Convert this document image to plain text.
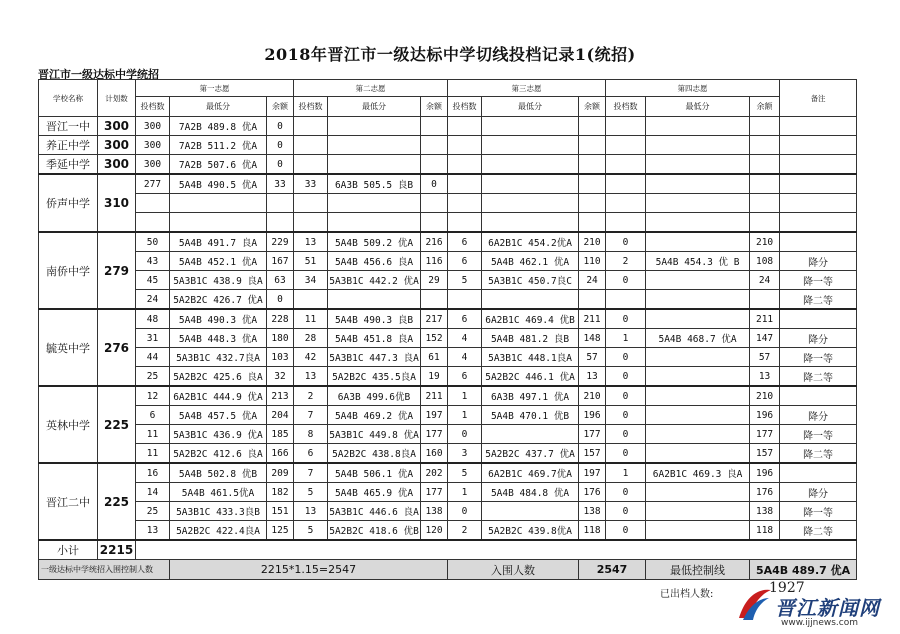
2018年晋江市一级达标中学切线投档记录1(统招)
晋江市一级达标中学统招
学校名称	计划数	第一志愿			第二志愿			第三志愿			第四志愿			备注
		投档数	最低分	余额	投档数	最低分	余额	投档数	最低分	余额	投档数	最低分	余额	
晋江一中	300	300	7A2B 489.8 优A	0										
养正中学	300	300	7A2B 511.2 优A	0										
季延中学	300	300	7A2B 507.6 优A	0										
侨声中学	310	277	5A4B 490.5 优A	33	33	6A3B 505.5 良B	0							

南侨中学	279	50	5A4B 491.7 良A	229	13	5A4B 509.2 优A	216	6	6A2B1C 454.2优A	210	0		210	
		43	5A4B 452.1 优A	167	51	5A4B 456.6 良A	116	6	5A4B 462.1 优A	110	2	5A4B 454.3 优 B	108	降分
		45	5A3B1C 438.9 良A	63	34	5A3B1C 442.2 优A	29	5	5A3B1C 450.7良C	24	0		24	降一等
		24	5A2B2C 426.7 优A	0										降二等
毓英中学	276	48	5A4B 490.3 优A	228	11	5A4B 490.3 良B	217	6	6A2B1C 469.4 优B	211	0		211	
		31	5A4B 448.3 优A	180	28	5A4B 451.8 良A	152	4	5A4B 481.2 良B	148	1	5A4B 468.7 优A	147	降分
		44	5A3B1C 432.7良A	103	42	5A3B1C 447.3 良A	61	4	5A3B1C 448.1良A	57	0		57	降一等
		25	5A2B2C 425.6 良A	32	13	5A2B2C 435.5良A	19	6	5A2B2C 446.1 优A	13	0		13	降二等
英林中学	225	12	6A2B1C 444.9 优A	213	2	6A3B 499.6优B	211	1	6A3B 497.1 优A	210	0		210	
		6	5A4B 457.5 优A	204	7	5A4B 469.2 优A	197	1	5A4B 470.1 优B	196	0		196	降分
		11	5A3B1C 436.9 优A	185	8	5A3B1C 449.8 优A	177	0		177	0		177	降一等
		11	5A2B2C 412.6 良A	166	6	5A2B2C 438.8良A	160	3	5A2B2C 437.7 优A	157	0		157	降二等
晋江二中	225	16	5A4B 502.8 优B	209	7	5A4B 506.1 优A	202	5	6A2B1C 469.7优A	197	1	6A2B1C 469.3 良A	196	
		14	5A4B 461.5优A	182	5	5A4B 465.9 优A	177	1	5A4B 484.8 优A	176	0		176	降分
		25	5A3B1C 433.3良B	151	13	5A3B1C 446.6 良A	138	0		138	0		138	降一等
		13	5A2B2C 422.4良A	125	5	5A2B2C 418.6 优B	120	2	5A2B2C 439.8优A	118	0		118	降二等
小计	2215													
一级达标中学统招入围控制人数			2215*1.15=2547					入围人数		2547		最低控制线	5A4B 489.7 优A	
已出档人数:	1927
晋江新闻网
www.ijjnews.com
